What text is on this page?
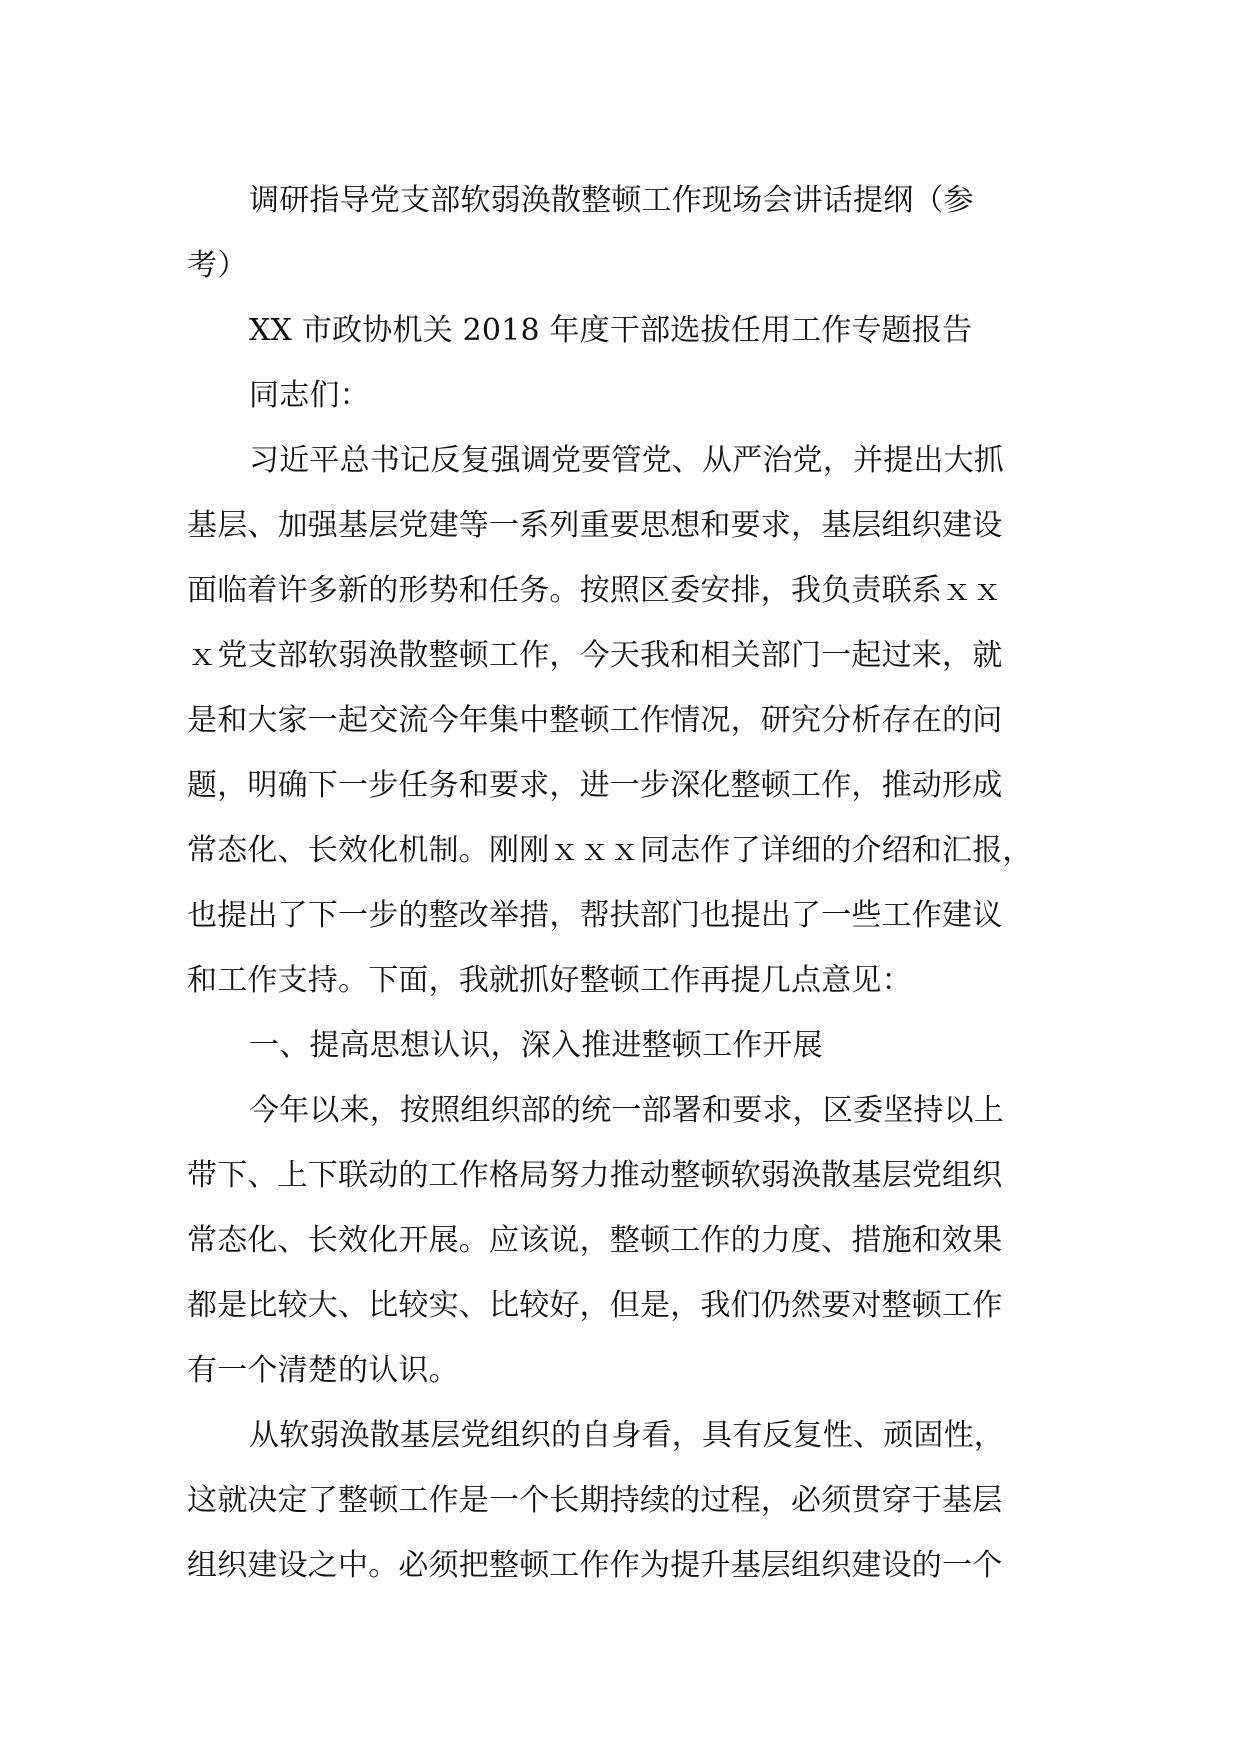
调研指导党支部软弱涣散整顿工作现场会讲话提纲（参
考）
XX 市政协机关 2018 年度干部选拔任用工作专题报告
同志们：
习近平总书记反复强调党要管党、从严治党，并提出大抓
基层、加强基层党建等一系列重要思想和要求，基层组织建设
面临着许多新的形势和任务。按照区委安排，我负责联系ｘｘ
ｘ党支部软弱涣散整顿工作，今天我和相关部门一起过来，就
是和大家一起交流今年集中整顿工作情况，研究分析存在的问
题，明确下一步任务和要求，进一步深化整顿工作，推动形成
常态化、长效化机制。刚刚ｘｘｘ同志作了详细的介绍和汇报，
也提出了下一步的整改举措，帮扶部门也提出了一些工作建议
和工作支持。下面，我就抓好整顿工作再提几点意见：
一、提高思想认识，深入推进整顿工作开展
今年以来，按照组织部的统一部署和要求，区委坚持以上
带下、上下联动的工作格局努力推动整顿软弱涣散基层党组织
常态化、长效化开展。应该说，整顿工作的力度、措施和效果
都是比较大、比较实、比较好，但是，我们仍然要对整顿工作
有一个清楚的认识。
从软弱涣散基层党组织的自身看，具有反复性、顽固性，
这就决定了整顿工作是一个长期持续的过程，必须贯穿于基层
组织建设之中。必须把整顿工作作为提升基层组织建设的一个
